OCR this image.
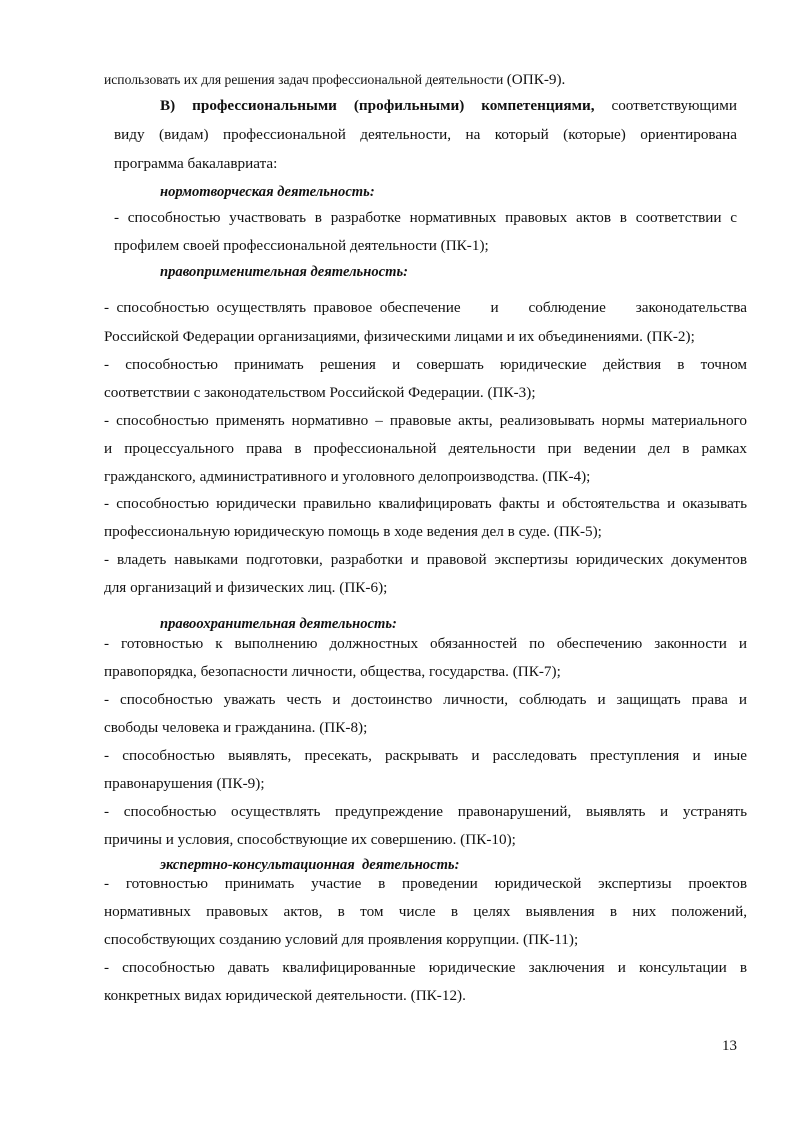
использовать их для решения задач профессиональной деятельности (ОПК-9).
В) профессиональными (профильными) компетенциями, соответствующими
виду (видам) профессиональной деятельности, на который (которые) ориентирована
программа бакалавриата:
нормотворческая деятельность:
- способностью участвовать в разработке нормативных правовых актов в соответствии с
профилем своей профессиональной деятельности (ПК-1);
правоприменительная деятельность:
- способностью осуществлять правовое обеспечение    и    соблюдение    законодательства
Российской Федерации организациями, физическими лицами и их объединениями. (ПК-2);
- способностью принимать решения и совершать юридические действия в точном
соответствии с законодательством Российской Федерации. (ПК-3);
- способностью применять нормативно – правовые акты, реализовывать нормы материального
и процессуального права в профессиональной деятельности при ведении дел в рамках
гражданского, административного и уголовного делопроизводства. (ПК-4);
- способностью юридически правильно квалифицировать факты и обстоятельства и оказывать
профессиональную юридическую помощь в ходе ведения дел в суде. (ПК-5);
- владеть навыками подготовки, разработки и правовой экспертизы юридических документов
для организаций и физических лиц. (ПК-6);
правоохранительная деятельность:
- готовностью к выполнению должностных обязанностей по обеспечению законности и
правопорядка, безопасности личности, общества, государства. (ПК-7);
- способностью уважать честь и достоинство личности, соблюдать и защищать права и
свободы человека и гражданина. (ПК-8);
- способностью выявлять, пресекать, раскрывать и расследовать преступления и иные
правонарушения (ПК-9);
- способностью осуществлять предупреждение правонарушений, выявлять и устранять
причины и условия, способствующие их совершению. (ПК-10);
экспертно-консультационная  деятельность:
- готовностью принимать участие в проведении юридической экспертизы проектов
нормативных правовых актов, в том числе в целях выявления в них положений,
способствующих созданию условий для проявления коррупции. (ПК-11);
- способностью давать квалифицированные юридические заключения и консультации в
конкретных видах юридической деятельности. (ПК-12).
13
